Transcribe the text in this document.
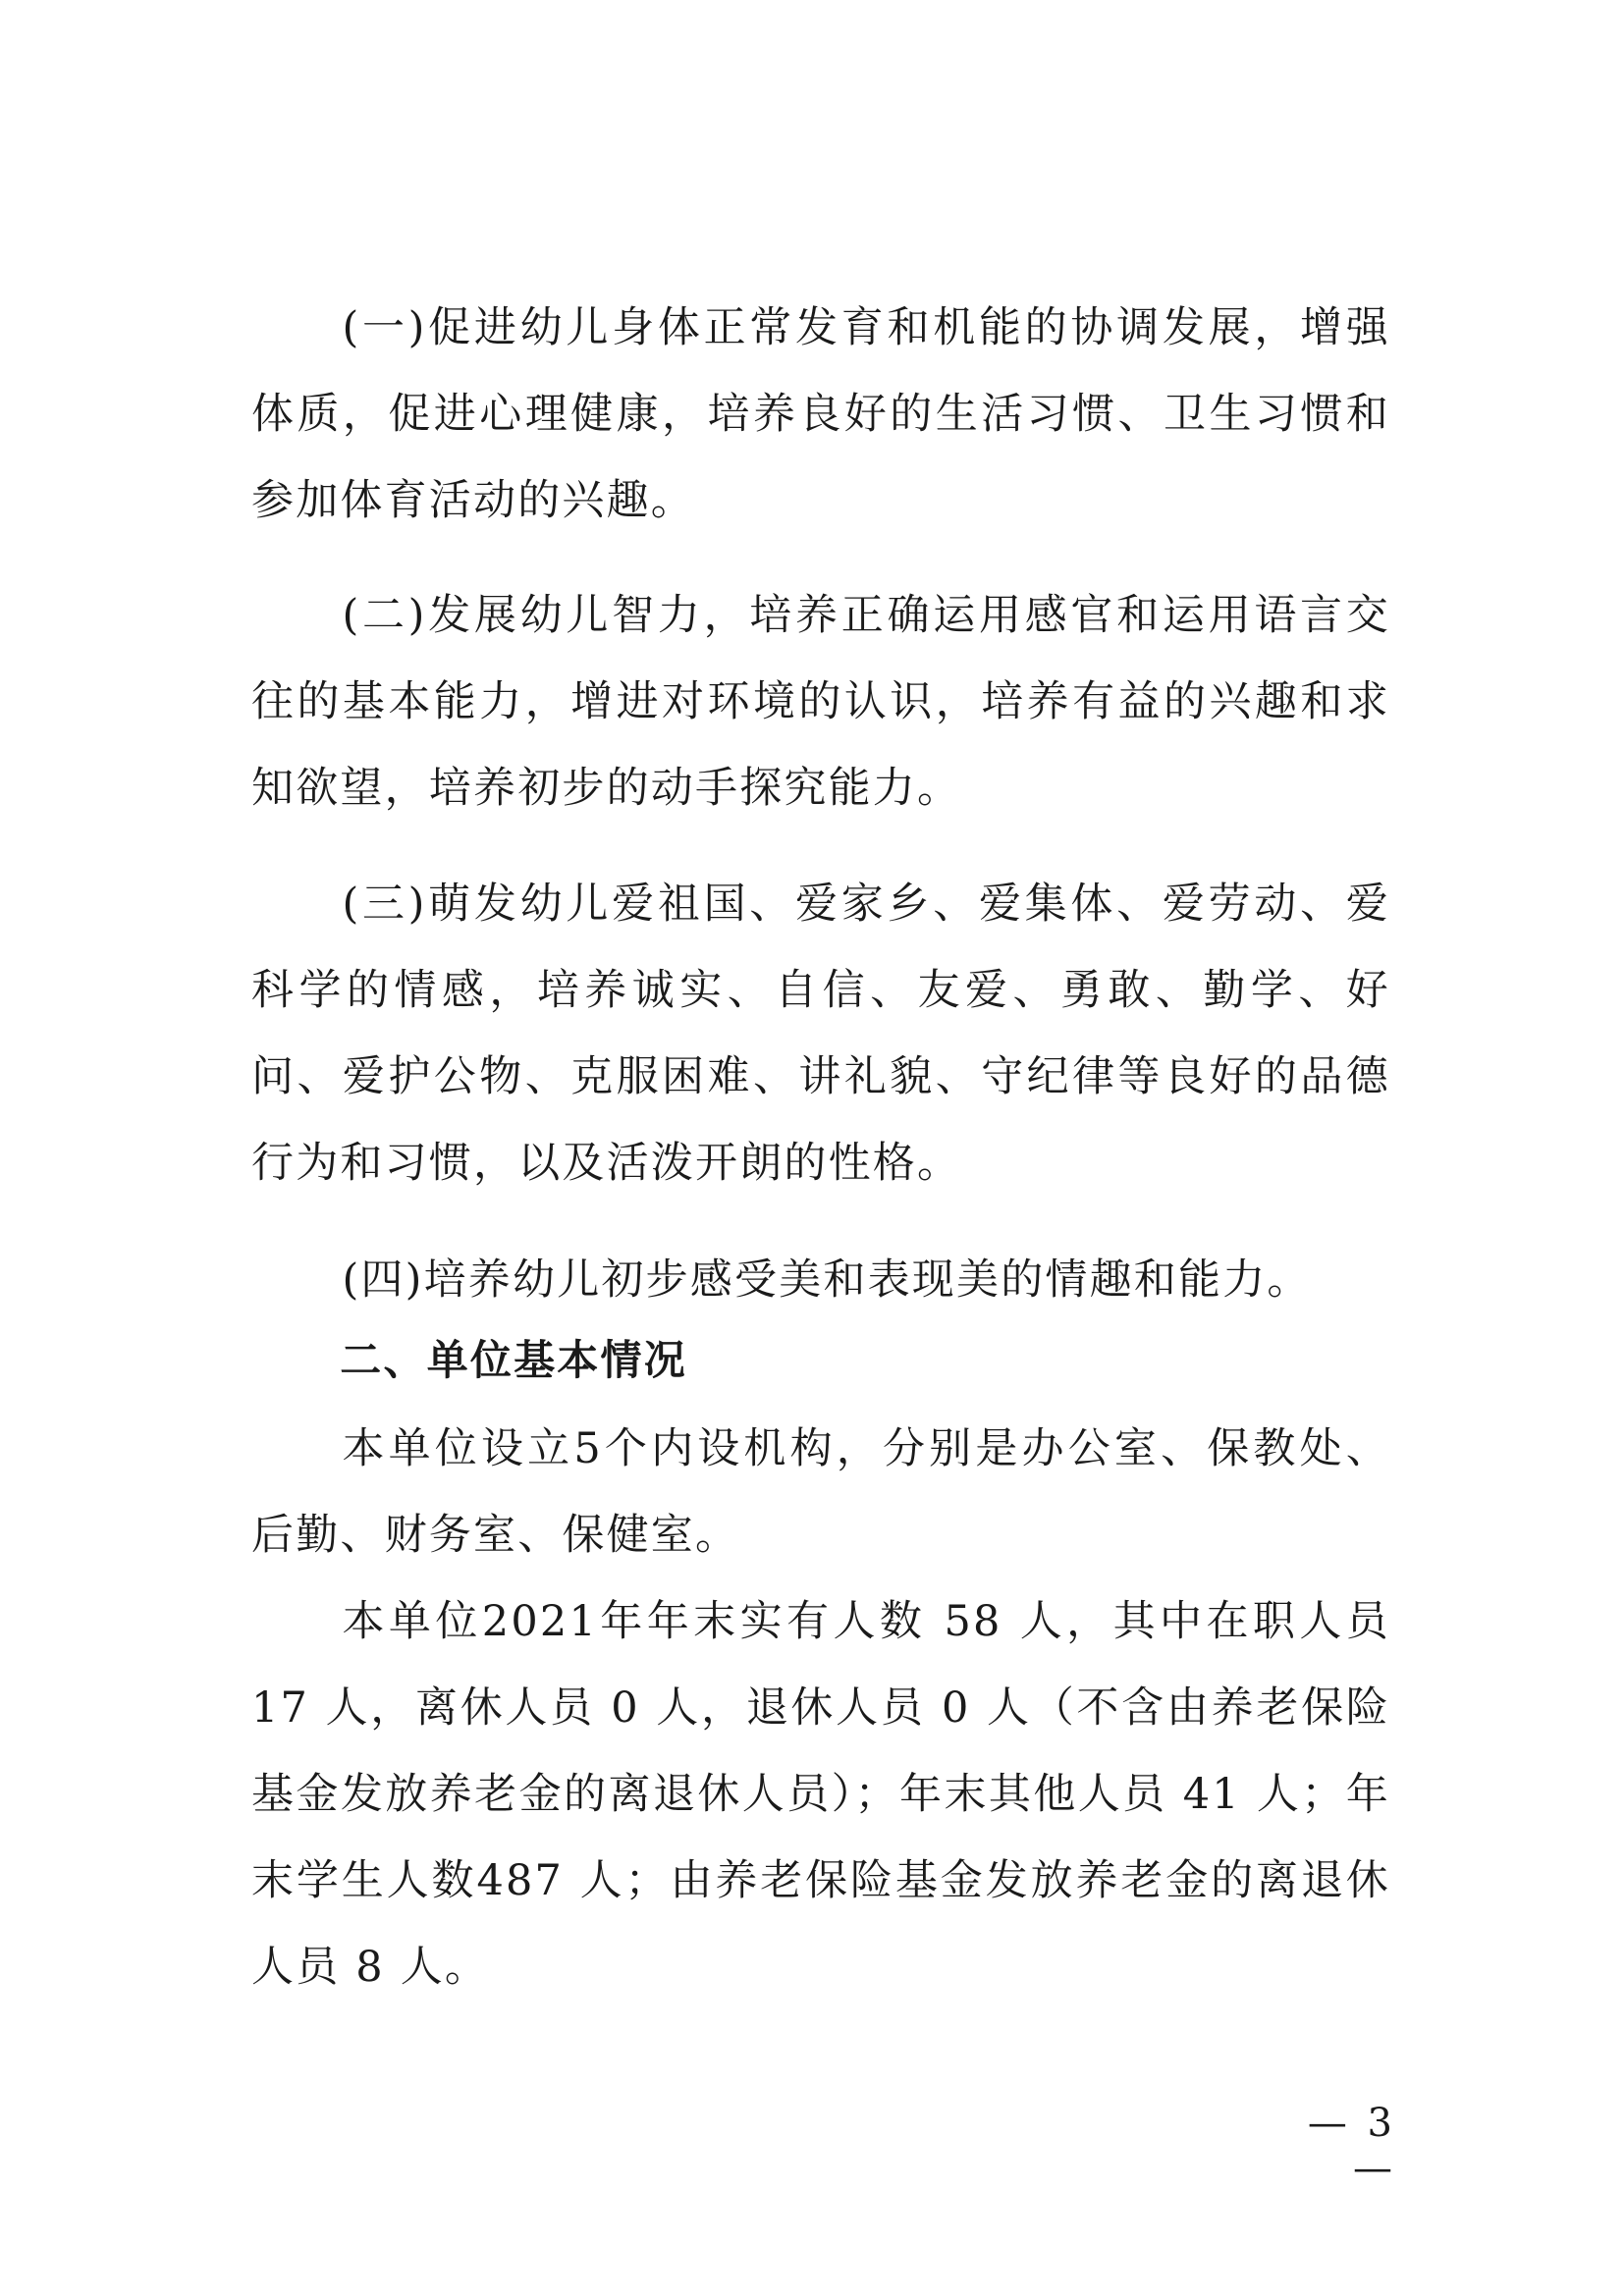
(一)促进幼儿身体正常发育和机能的协调发展，增强体质，促进心理健康，培养良好的生活习惯、卫生习惯和参加体育活动的兴趣。

(二)发展幼儿智力，培养正确运用感官和运用语言交往的基本能力，增进对环境的认识，培养有益的兴趣和求知欲望，培养初步的动手探究能力。

(三)萌发幼儿爱祖国、爱家乡、爱集体、爱劳动、爱科学的情感，培养诚实、自信、友爱、勇敢、勤学、好问、爱护公物、克服困难、讲礼貌、守纪律等良好的品德行为和习惯，以及活泼开朗的性格。

(四)培养幼儿初步感受美和表现美的情趣和能力。

二、单位基本情况

本单位设立5个内设机构，分别是办公室、保教处、后勤、财务室、保健室。

本单位2021年年末实有人数 58 人，其中在职人员 17 人，离休人员 0 人，退休人员 0 人（不含由养老保险基金发放养老金的离退休人员）；年末其他人员 41 人；年末学生人数487 人；由养老保险基金发放养老金的离退休人员 8 人。

— 3 —
